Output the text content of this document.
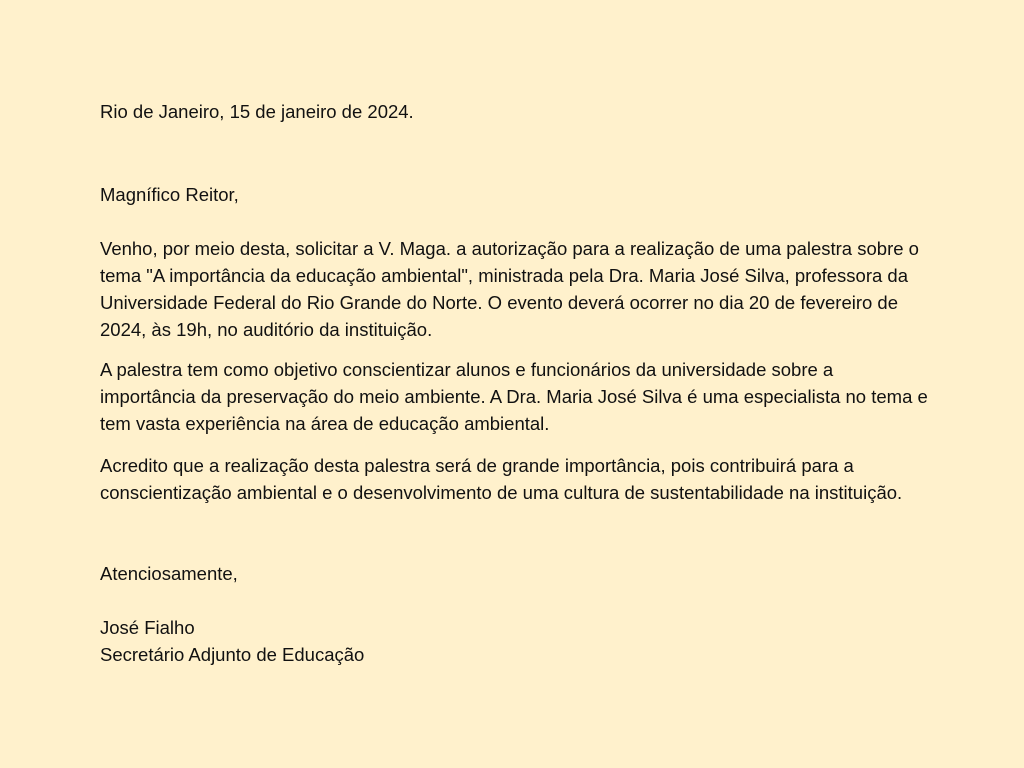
Rio de Janeiro, 15 de janeiro de 2024.
Magnífico Reitor,

Venho, por meio desta, solicitar a V. Maga. a autorização para a realização de uma palestra sobre o tema "A importância da educação ambiental", ministrada pela Dra. Maria José Silva, professora da Universidade Federal do Rio Grande do Norte. O evento deverá ocorrer no dia 20 de fevereiro de 2024, às 19h, no auditório da instituição.

A palestra tem como objetivo conscientizar alunos e funcionários da universidade sobre a importância da preservação do meio ambiente. A Dra. Maria José Silva é uma especialista no tema e tem vasta experiência na área de educação ambiental.

Acredito que a realização desta palestra será de grande importância, pois contribuirá para a conscientização ambiental e o desenvolvimento de uma cultura de sustentabilidade na instituição.

Atenciosamente,
José Fialho
Secretário Adjunto de Educação
